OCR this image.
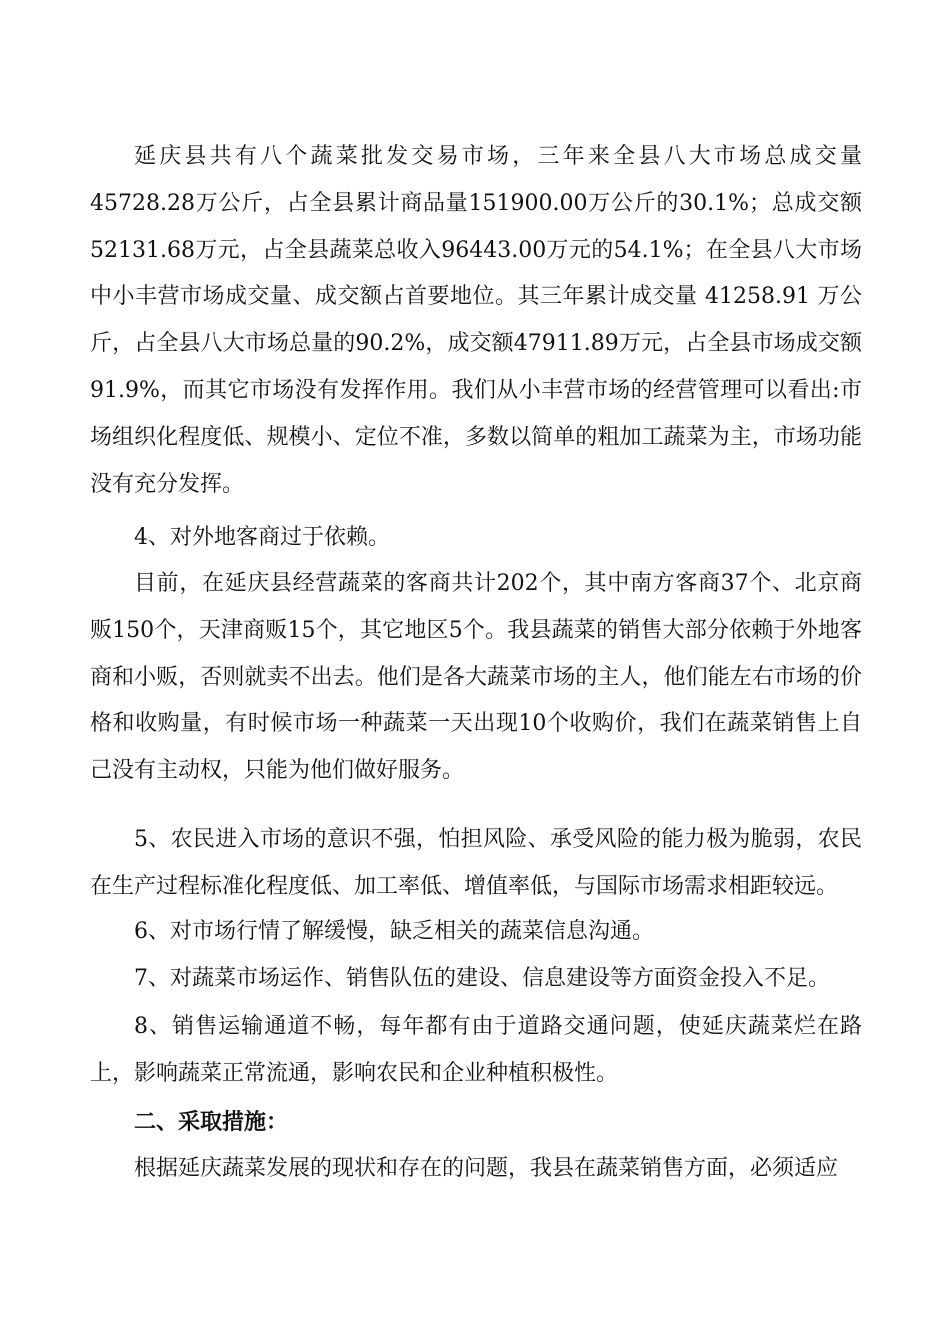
延庆县共有八个蔬菜批发交易市场，三年来全县八大市场总成交量45728.28万公斤，占全县累计商品量151900.00万公斤的30.1%；总成交额52131.68万元，占全县蔬菜总收入96443.00万元的54.1%；在全县八大市场中小丰营市场成交量、成交额占首要地位。其三年累计成交量 41258.91 万公斤，占全县八大市场总量的90.2%，成交额47911.89万元，占全县市场成交额91.9%，而其它市场没有发挥作用。我们从小丰营市场的经营管理可以看出:市场组织化程度低、规模小、定位不准，多数以简单的粗加工蔬菜为主，市场功能没有充分发挥。

4、对外地客商过于依赖。

目前，在延庆县经营蔬菜的客商共计202个，其中南方客商37个、北京商贩150个，天津商贩15个，其它地区5个。我县蔬菜的销售大部分依赖于外地客商和小贩，否则就卖不出去。他们是各大蔬菜市场的主人，他们能左右市场的价格和收购量，有时候市场一种蔬菜一天出现10个收购价，我们在蔬菜销售上自己没有主动权，只能为他们做好服务。

5、农民进入市场的意识不强，怕担风险、承受风险的能力极为脆弱，农民在生产过程标准化程度低、加工率低、增值率低，与国际市场需求相距较远。

6、对市场行情了解缓慢，缺乏相关的蔬菜信息沟通。

7、对蔬菜市场运作、销售队伍的建设、信息建设等方面资金投入不足。

8、销售运输通道不畅，每年都有由于道路交通问题，使延庆蔬菜烂在路上，影响蔬菜正常流通，影响农民和企业种植积极性。

二、采取措施：

根据延庆蔬菜发展的现状和存在的问题，我县在蔬菜销售方面，必须适应
